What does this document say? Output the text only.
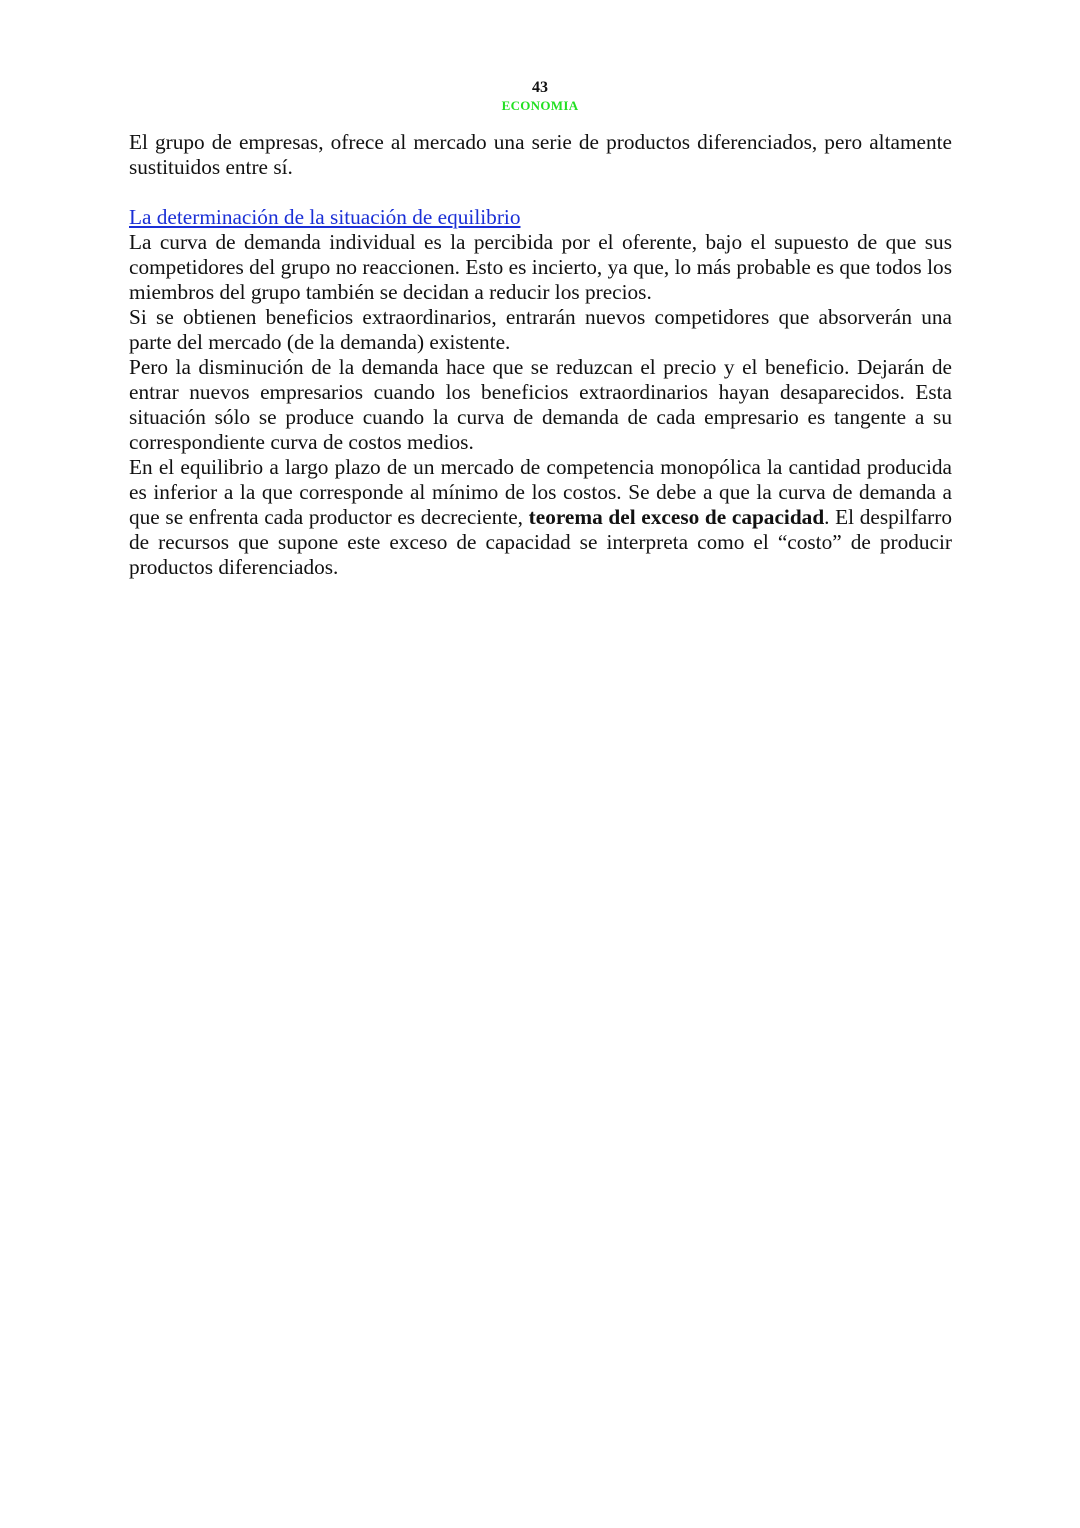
43
ECONOMIA

El grupo de empresas, ofrece al mercado una serie de productos diferenciados, pero altamente sustituidos entre sí.

La determinación de la situación de equilibrio

La curva de demanda individual es la percibida por el oferente, bajo el supuesto de que sus competidores del grupo no reaccionen. Esto es incierto, ya que, lo más probable es que todos los miembros del grupo también se decidan a reducir los precios.

Si se obtienen beneficios extraordinarios, entrarán nuevos competidores que absorverán una parte del mercado (de la demanda) existente.

Pero la disminución de la demanda hace que se reduzcan el precio y el beneficio. Dejarán de entrar nuevos empresarios cuando los beneficios extraordinarios hayan desaparecidos. Esta situación sólo se produce cuando la curva de demanda de cada empresario es tangente a su correspondiente curva de costos medios.

En el equilibrio a largo plazo de un mercado de competencia monopólica la cantidad producida es inferior a la que corresponde al mínimo de los costos. Se debe a que la curva de demanda a que se enfrenta cada productor es decreciente, teorema del exceso de capacidad. El despilfarro de recursos que supone este exceso de capacidad se interpreta como el “costo” de producir productos diferenciados.
